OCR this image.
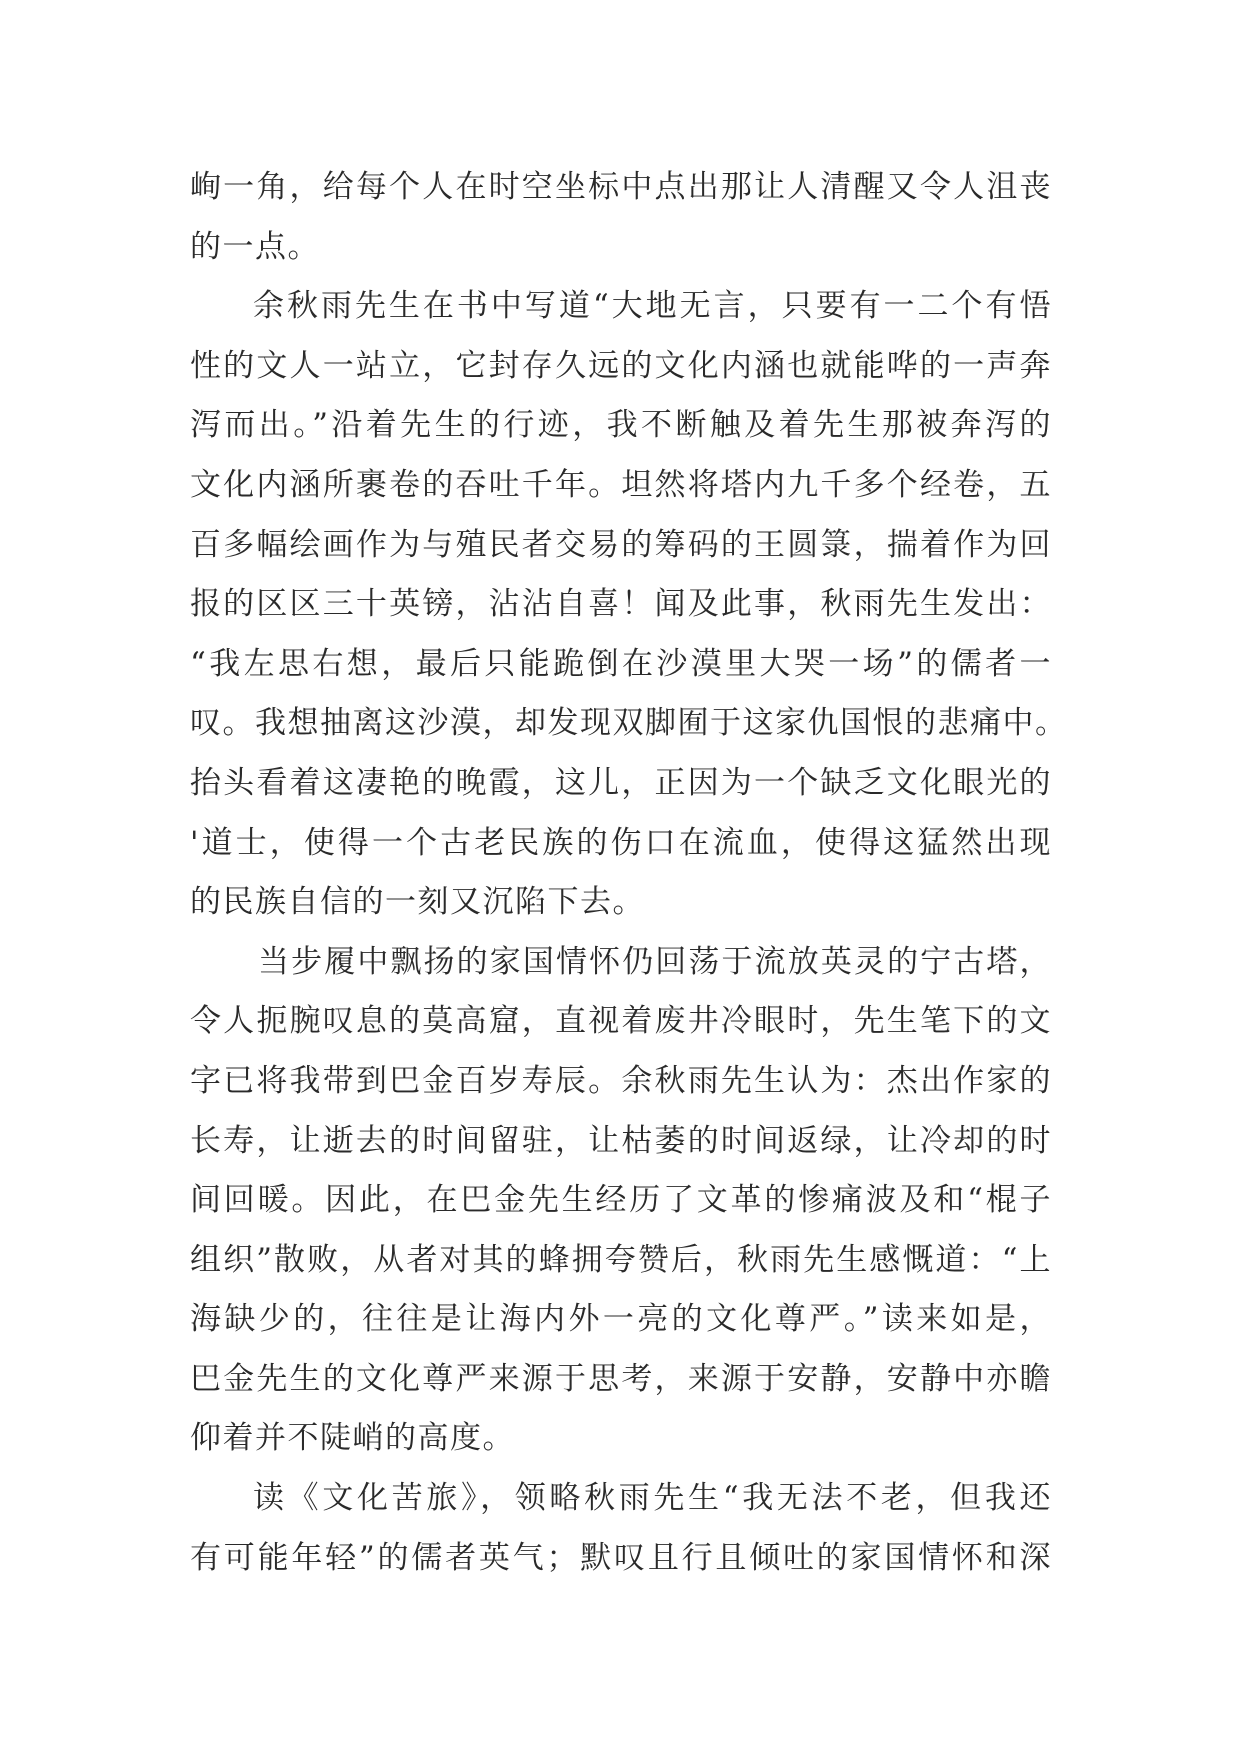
峋一角，给每个人在时空坐标中点出那让人清醒又令人沮丧
的一点。
余秋雨先生在书中写道“大地无言，只要有一二个有悟
性的文人一站立，它封存久远的文化内涵也就能哗的一声奔
泻而出。”沿着先生的行迹，我不断触及着先生那被奔泻的
文化内涵所裹卷的吞吐千年。坦然将塔内九千多个经卷，五
百多幅绘画作为与殖民者交易的筹码的王圆箓，揣着作为回
报的区区三十英镑，沾沾自喜！闻及此事，秋雨先生发出：
“我左思右想，最后只能跪倒在沙漠里大哭一场”的儒者一
叹。我想抽离这沙漠，却发现双脚囿于这家仇国恨的悲痛中。
抬头看着这凄艳的晚霞，这儿，正因为一个缺乏文化眼光的
'道士，使得一个古老民族的伤口在流血，使得这猛然出现
的民族自信的一刻又沉陷下去。
当步履中飘扬的家国情怀仍回荡于流放英灵的宁古塔，
令人扼腕叹息的莫高窟，直视着废井冷眼时，先生笔下的文
字已将我带到巴金百岁寿辰。余秋雨先生认为：杰出作家的
长寿，让逝去的时间留驻，让枯萎的时间返绿，让冷却的时
间回暖。因此，在巴金先生经历了文革的惨痛波及和“棍子
组织”散败，从者对其的蜂拥夸赞后，秋雨先生感慨道：“上
海缺少的，往往是让海内外一亮的文化尊严。”读来如是，
巴金先生的文化尊严来源于思考，来源于安静，安静中亦瞻
仰着并不陡峭的高度。
读《文化苦旅》，领略秋雨先生“我无法不老，但我还
有可能年轻”的儒者英气；默叹且行且倾吐的家国情怀和深
